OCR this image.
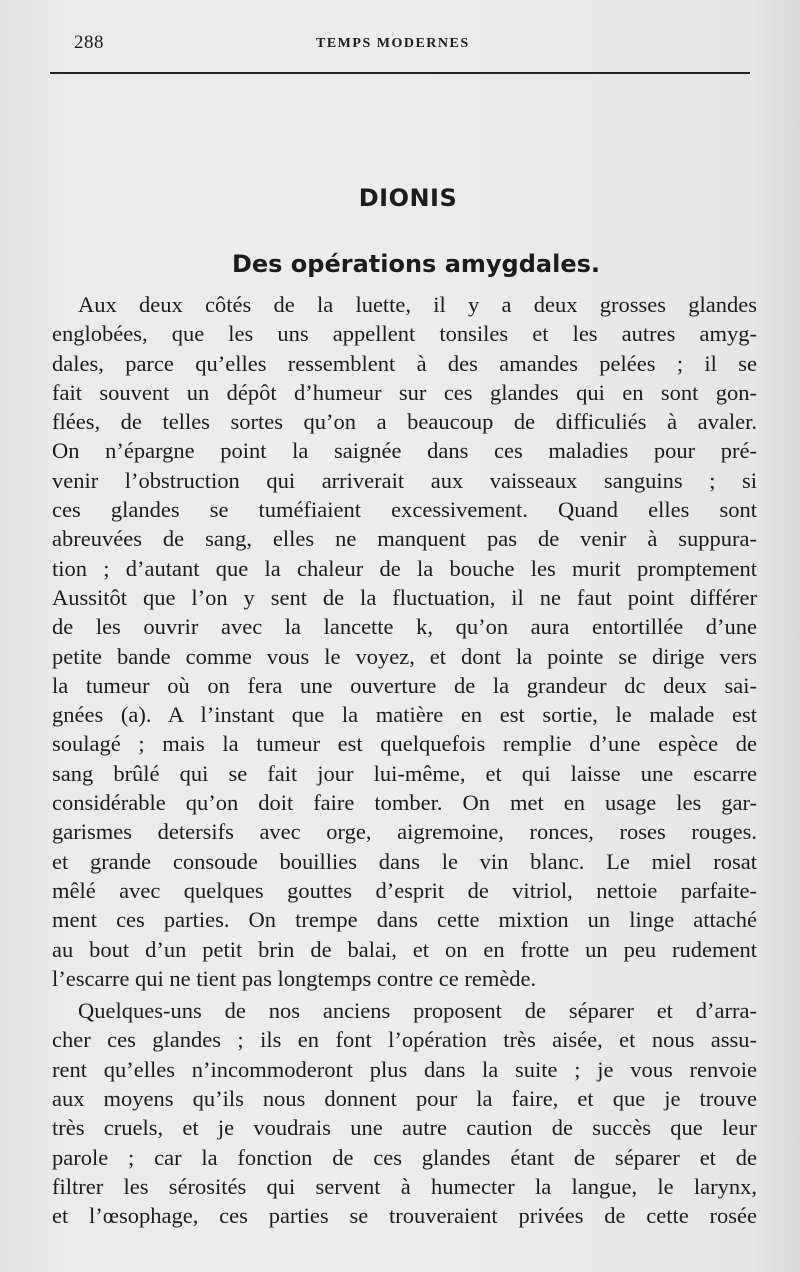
288	TEMPS MODERNES
DIONIS
Des opérations amygdales.
Aux deux côtés de la luette, il y a deux grosses glandes
englobées, que les uns appellent tonsiles et les autres amyg-
dales, parce qu’elles ressemblent à des amandes pelées ; il se
fait souvent un dépôt d’humeur sur ces glandes qui en sont gon-
flées, de telles sortes qu’on a beaucoup de difficuliés à avaler.
On n’épargne point la saignée dans ces maladies pour pré-
venir l’obstruction qui arriverait aux vaisseaux sanguins ; si
ces glandes se tuméfiaient excessivement. Quand elles sont
abreuvées de sang, elles ne manquent pas de venir à suppura-
tion ; d’autant que la chaleur de la bouche les murit promptement
Aussitôt que l’on y sent de la fluctuation, il ne faut point différer
de les ouvrir avec la lancette k, qu’on aura entortillée d’une
petite bande comme vous le voyez, et dont la pointe se dirige vers
la tumeur où on fera une ouverture de la grandeur dc deux sai-
gnées (a). A l’instant que la matière en est sortie, le malade est
soulagé ; mais la tumeur est quelquefois remplie d’une espèce de
sang brûlé qui se fait jour lui-même, et qui laisse une escarre
considérable qu’on doit faire tomber. On met en usage les gar-
garismes detersifs avec orge, aigremoine, ronces, roses rouges.
et grande consoude bouillies dans le vin blanc. Le miel rosat
mêlé avec quelques gouttes d’esprit de vitriol, nettoie parfaite-
ment ces parties. On trempe dans cette mixtion un linge attaché
au bout d’un petit brin de balai, et on en frotte un peu rudement
l’escarre qui ne tient pas longtemps contre ce remède.
Quelques-uns de nos anciens proposent de séparer et d’arra-
cher ces glandes ; ils en font l’opération très aisée, et nous assu-
rent qu’elles n’incommoderont plus dans la suite ; je vous renvoie
aux moyens qu’ils nous donnent pour la faire, et que je trouve
très cruels, et je voudrais une autre caution de succès que leur
parole ; car la fonction de ces glandes étant de séparer et de
filtrer les sérosités qui servent à humecter la langue, le larynx,
et l’œsophage, ces parties se trouveraient privées de cette rosée
